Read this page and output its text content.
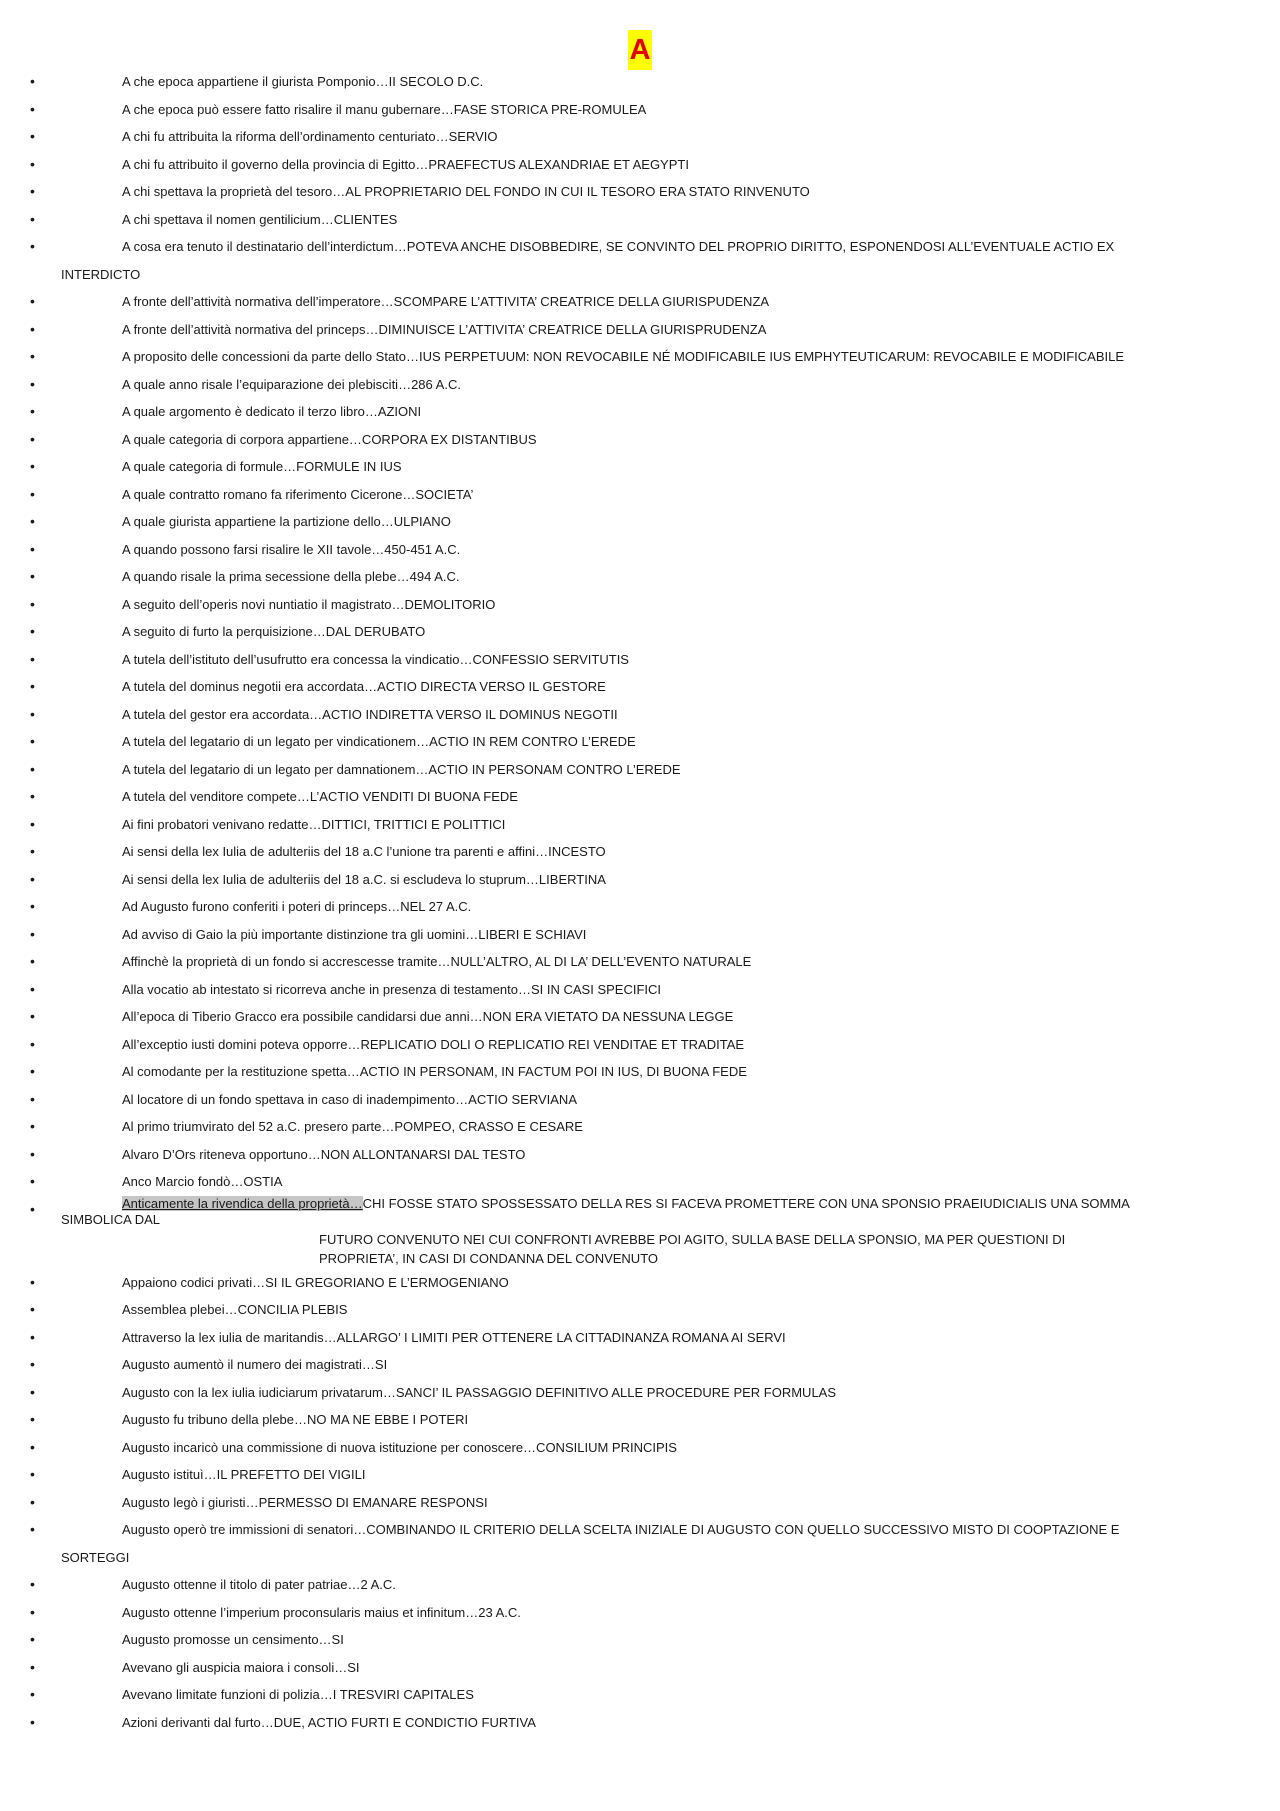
A
• A che epoca appartiene il giurista Pomponio…II SECOLO D.C.
• A che epoca può essere fatto risalire il manu gubernare…FASE STORICA PRE-ROMULEA
• A chi fu attribuita la riforma dell’ordinamento centuriato…SERVIO
• A chi fu attribuito il governo della provincia di Egitto…PRAEFECTUS ALEXANDRIAE ET AEGYPTI
• A chi spettava la proprietà del tesoro…AL PROPRIETARIO DEL FONDO IN CUI IL TESORO ERA STATO RINVENUTO
• A chi spettava il nomen gentilicium…CLIENTES
• A cosa era tenuto il destinatario dell’interdictum…POTEVA ANCHE DISOBBEDIRE, SE CONVINTO DEL PROPRIO DIRITTO, ESPONENDOSI ALL’EVENTUALE ACTIO EX INTERDICTO
• A fronte dell’attività normativa dell’imperatore…SCOMPARE L’ATTIVITA’ CREATRICE DELLA GIURISPUDENZA
• A fronte dell’attività normativa del princeps…DIMINUISCE L’ATTIVITA’ CREATRICE DELLA GIURISPRUDENZA
• A proposito delle concessioni da parte dello Stato…IUS PERPETUUM: NON REVOCABILE NÉ MODIFICABILE IUS EMPHYTEUTICARUM: REVOCABILE E MODIFICABILE
• A quale anno risale l’equiparazione dei plebisciti…286 A.C.
• A quale argomento è dedicato il terzo libro…AZIONI
• A quale categoria di corpora appartiene…CORPORA EX DISTANTIBUS
• A quale categoria di formule…FORMULE IN IUS
• A quale contratto romano fa riferimento Cicerone…SOCIETA’
• A quale giurista appartiene la partizione dello…ULPIANO
• A quando possono farsi risalire le XII tavole…450-451 A.C.
• A quando risale la prima secessione della plebe…494 A.C.
• A seguito dell’operis novi nuntiatio il magistrato…DEMOLITORIO
• A seguito di furto la perquisizione…DAL DERUBATO
• A tutela dell’istituto dell’usufrutto era concessa la vindicatio…CONFESSIO SERVITUTIS
• A tutela del dominus negotii era accordata…ACTIO DIRECTA VERSO IL GESTORE
• A tutela del gestor era accordata…ACTIO INDIRETTA VERSO IL DOMINUS NEGOTII
• A tutela del legatario di un legato per vindicationem…ACTIO IN REM CONTRO L’EREDE
• A tutela del legatario di un legato per damnationem…ACTIO IN PERSONAM CONTRO L’EREDE
• A tutela del venditore compete…L’ACTIO VENDITI DI BUONA FEDE
• Ai fini probatori venivano redatte…DITTICI, TRITTICI E POLITTICI
• Ai sensi della lex Iulia de adulteriis del 18 a.C l’unione tra parenti e affini…INCESTO
• Ai sensi della lex Iulia de adulteriis del 18 a.C. si escludeva lo stuprum…LIBERTINA
• Ad Augusto furono conferiti i poteri di princeps…NEL 27 A.C.
• Ad avviso di Gaio la più importante distinzione tra gli uomini…LIBERI E SCHIAVI
• Affinchè la proprietà di un fondo si accrescesse tramite…NULL’ALTRO, AL DI LA’ DELL’EVENTO NATURALE
• Alla vocatio ab intestato si ricorreva anche in presenza di testamento…SI IN CASI SPECIFICI
• All’epoca di Tiberio Gracco era possibile candidarsi due anni…NON ERA VIETATO DA NESSUNA LEGGE
• All’exceptio iusti domini poteva opporre…REPLICATIO DOLI O REPLICATIO REI VENDITAE ET TRADITAE
• Al comodante per la restituzione spetta…ACTIO IN PERSONAM, IN FACTUM POI IN IUS, DI BUONA FEDE
• Al locatore di un fondo spettava in caso di inadempimento…ACTIO SERVIANA
• Al primo triumvirato del 52 a.C. presero parte…POMPEO, CRASSO E CESARE
• Alvaro D’Ors riteneva opportuno…NON ALLONTANARSI DAL TESTO
• Anco Marcio fondò…OSTIA
• Anticamente la rivendica della proprietà…CHI FOSSE STATO SPOSSESSATO DELLA RES SI FACEVA PROMETTERE CON UNA SPONSIO PRAEIUDICIALIS UNA SOMMA SIMBOLICA DAL
FUTURO CONVENUTO NEI CUI CONFRONTI AVREBBE POI AGITO, SULLA BASE DELLA SPONSIO, MA PER QUESTIONI DI PROPRIETA’, IN CASI DI CONDANNA DEL CONVENUTO
• Appaiono codici privati…SI IL GREGORIANO E L’ERMOGENIANO
• Assemblea plebei…CONCILIA PLEBIS
• Attraverso la lex iulia de maritandis…ALLARGO’ I LIMITI PER OTTENERE LA CITTADINANZA ROMANA AI SERVI
• Augusto aumentò il numero dei magistrati…SI
• Augusto con la lex iulia iudiciarum privatarum…SANCI’ IL PASSAGGIO DEFINITIVO ALLE PROCEDURE PER FORMULAS
• Augusto fu tribuno della plebe…NO MA NE EBBE I POTERI
• Augusto incaricò una commissione di nuova istituzione per conoscere…CONSILIUM PRINCIPIS
• Augusto istituì…IL PREFETTO DEI VIGILI
• Augusto legò i giuristi…PERMESSO DI EMANARE RESPONSI
• Augusto operò tre immissioni di senatori…COMBINANDO IL CRITERIO DELLA SCELTA INIZIALE DI AUGUSTO CON QUELLO SUCCESSIVO MISTO DI COOPTAZIONE E SORTEGGI
• Augusto ottenne il titolo di pater patriae…2 A.C.
• Augusto ottenne l’imperium proconsularis maius et infinitum…23 A.C.
• Augusto promosse un censimento…SI
• Avevano gli auspicia maiora i consoli…SI
• Avevano limitate funzioni di polizia…I TRESVIRI CAPITALES
• Azioni derivanti dal furto…DUE, ACTIO FURTI E CONDICTIO FURTIVA
